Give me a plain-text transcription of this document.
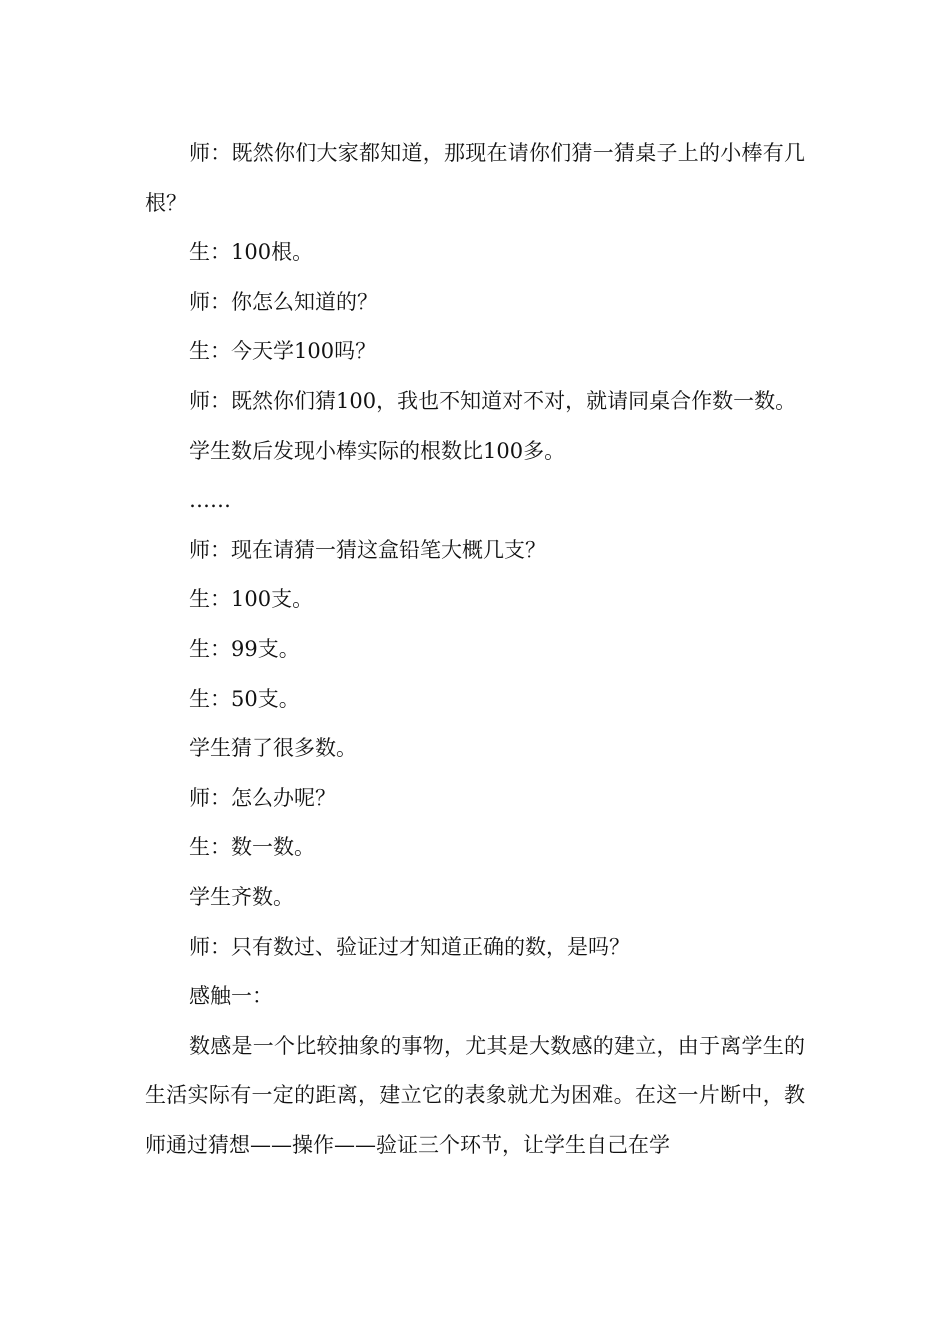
师：既然你们大家都知道，那现在请你们猜一猜桌子上的小棒有几根？

生：100根。

师：你怎么知道的？

生：今天学100吗？

师：既然你们猜100，我也不知道对不对，就请同桌合作数一数。

学生数后发现小棒实际的根数比100多。

……

师：现在请猜一猜这盒铅笔大概几支？

生：100支。

生：99支。

生：50支。

学生猜了很多数。

师：怎么办呢？

生：数一数。

学生齐数。

师：只有数过、验证过才知道正确的数，是吗？

感触一：

数感是一个比较抽象的事物，尤其是大数感的建立，由于离学生的生活实际有一定的距离，建立它的表象就尤为困难。在这一片断中，教师通过猜想——操作——验证三个环节，让学生自己在学
